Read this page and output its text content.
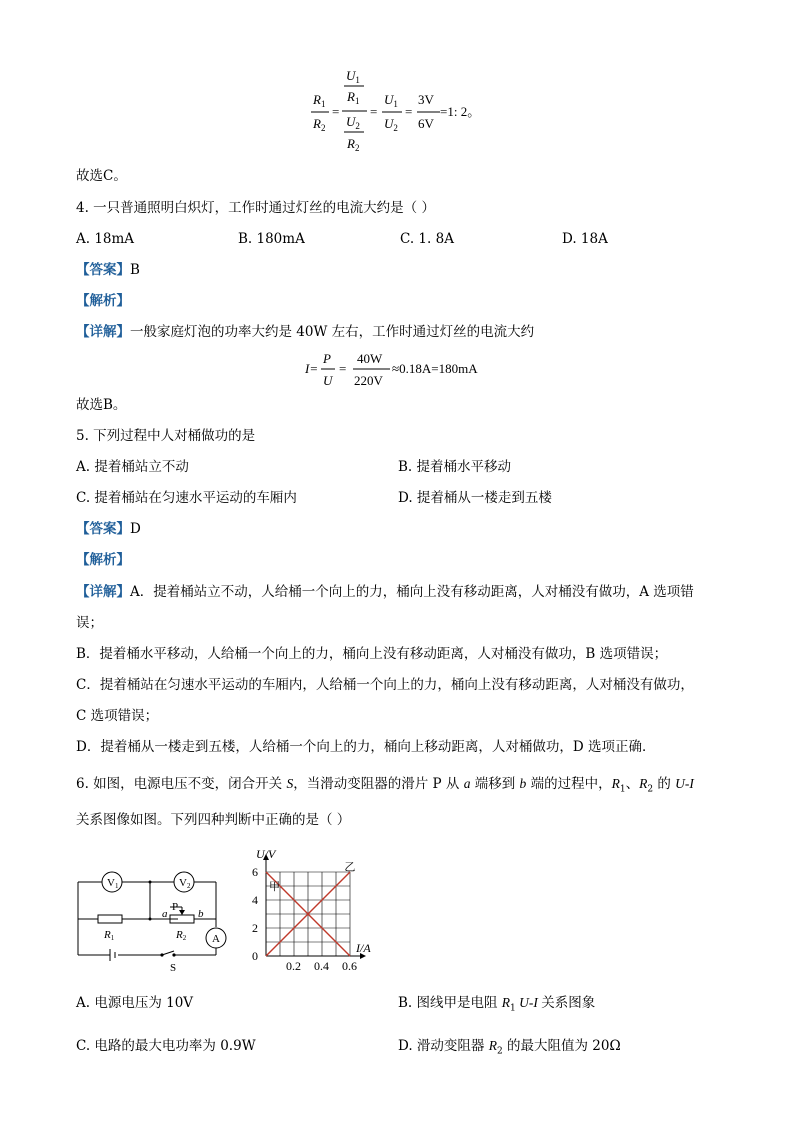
$R_1$
$R_2$
=
$U_1$
$R_1$
$U_2$
$R_2$
=
$U_1$
$U_2$
=
3V
6V
=1: 2。
故选C。
4. 一只普通照明白炽灯，工作时通过灯丝的电流大约是（ ）
A. 18mA	B. 180mA	C. 1. 8A	D. 18A
【答案】B
【解析】
【详解】一般家庭灯泡的功率大约是 40W 左右，工作时通过灯丝的电流大约
I=
P
U
=
40W
220V
≈0.18A=180mA
故选B。
5. 下列过程中人对桶做功的是
A. 提着桶站立不动	B. 提着桶水平移动
C. 提着桶站在匀速水平运动的车厢内	D. 提着桶从一楼走到五楼
【答案】D
【解析】
【详解】A．提着桶站立不动，人给桶一个向上的力，桶向上没有移动距离，人对桶没有做功，A 选项错
误；
B．提着桶水平移动，人给桶一个向上的力，桶向上没有移动距离，人对桶没有做功，B 选项错误；
C．提着桶站在匀速水平运动的车厢内，人给桶一个向上的力，桶向上没有移动距离，人对桶没有做功，
C 选项错误；
D．提着桶从一楼走到五楼，人给桶一个向上的力，桶向上移动距离，人对桶做功，D 选项正确．
6. 如图，电源电压不变，闭合开关 S，当滑动变阻器的滑片 P 从 a 端移到 b 端的过程中，$R_1$、$R_2$ 的 U-I
关系图像如图。下列四种判断中正确的是（ ）
V1	V2
A
R1	R2
P
a	b
S	0.2 0.4 0.6
0
2
4
6
U/V
I/A
甲
乙
A. 电源电压为 10V	B. 图线甲是电阻 $R_1$ U-I 关系图象
C. 电路的最大电功率为 0.9W	D. 滑动变阻器 $R_2$ 的最大阻值为 20Ω
